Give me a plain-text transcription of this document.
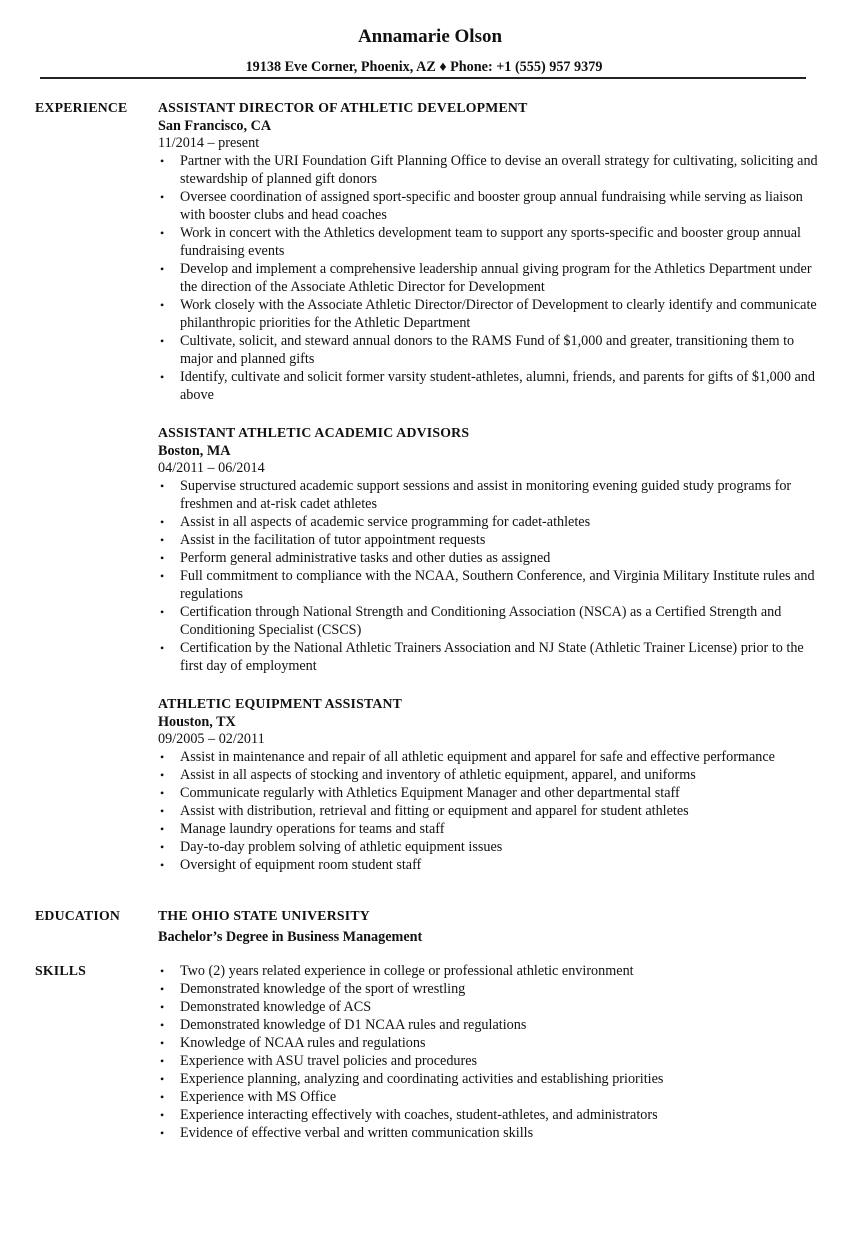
Annamarie Olson
19138 Eve Corner, Phoenix, AZ ♦ Phone: +1 (555) 957 9379
EXPERIENCE ASSISTANT DIRECTOR OF ATHLETIC DEVELOPMENT
San Francisco, CA
11/2014 – present
• Partner with the URI Foundation Gift Planning Office to devise an overall strategy for cultivating, soliciting and stewardship of planned gift donors
• Oversee coordination of assigned sport-specific and booster group annual fundraising while serving as liaison with booster clubs and head coaches
• Work in concert with the Athletics development team to support any sports-specific and booster group annual fundraising events
• Develop and implement a comprehensive leadership annual giving program for the Athletics Department under the direction of the Associate Athletic Director for Development
• Work closely with the Associate Athletic Director/Director of Development to clearly identify and communicate philanthropic priorities for the Athletic Department
• Cultivate, solicit, and steward annual donors to the RAMS Fund of $1,000 and greater, transitioning them to major and planned gifts
• Identify, cultivate and solicit former varsity student-athletes, alumni, friends, and parents for gifts of $1,000 and above
ASSISTANT ATHLETIC ACADEMIC ADVISORS
Boston, MA
04/2011 – 06/2014
• Supervise structured academic support sessions and assist in monitoring evening guided study programs for freshmen and at-risk cadet athletes
• Assist in all aspects of academic service programming for cadet-athletes
• Assist in the facilitation of tutor appointment requests
• Perform general administrative tasks and other duties as assigned
• Full commitment to compliance with the NCAA, Southern Conference, and Virginia Military Institute rules and regulations
• Certification through National Strength and Conditioning Association (NSCA) as a Certified Strength and Conditioning Specialist (CSCS)
• Certification by the National Athletic Trainers Association and NJ State (Athletic Trainer License) prior to the first day of employment
ATHLETIC EQUIPMENT ASSISTANT
Houston, TX
09/2005 – 02/2011
• Assist in maintenance and repair of all athletic equipment and apparel for safe and effective performance
• Assist in all aspects of stocking and inventory of athletic equipment, apparel, and uniforms
• Communicate regularly with Athletics Equipment Manager and other departmental staff
• Assist with distribution, retrieval and fitting or equipment and apparel for student athletes
• Manage laundry operations for teams and staff
• Day-to-day problem solving of athletic equipment issues
• Oversight of equipment room student staff
EDUCATION	THE OHIO STATE UNIVERSITY
Bachelor’s Degree in Business Management
SKILLS	• Two (2) years related experience in college or professional athletic environment
• Demonstrated knowledge of the sport of wrestling
• Demonstrated knowledge of ACS
• Demonstrated knowledge of D1 NCAA rules and regulations
• Knowledge of NCAA rules and regulations
• Experience with ASU travel policies and procedures
• Experience planning, analyzing and coordinating activities and establishing priorities
• Experience with MS Office
• Experience interacting effectively with coaches, student-athletes, and administrators
• Evidence of effective verbal and written communication skills
